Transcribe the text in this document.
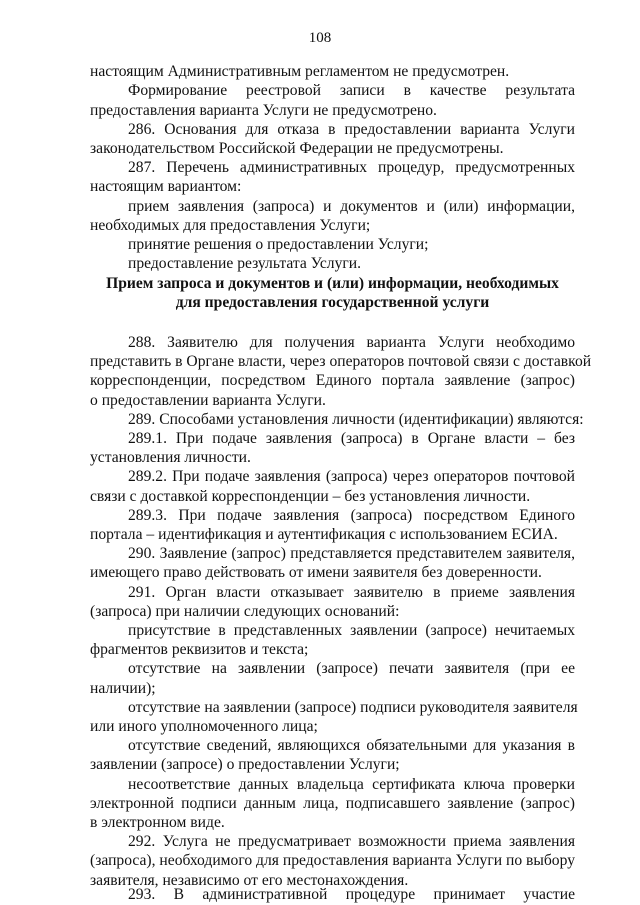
108
настоящим Административным регламентом не предусмотрен.
Формирование реестровой записи в качестве результата
предоставления варианта Услуги не предусмотрено.
286. Основания для отказа в предоставлении варианта Услуги
законодательством Российской Федерации не предусмотрены.
287. Перечень административных процедур, предусмотренных
настоящим вариантом:
прием заявления (запроса) и документов и (или) информации,
необходимых для предоставления Услуги;
принятие решения о предоставлении Услуги;
предоставление результата Услуги.
Прием запроса и документов и (или) информации, необходимых
для предоставления государственной услуги
288. Заявителю для получения варианта Услуги необходимо
представить в Органе власти, через операторов почтовой связи с доставкой
корреспонденции, посредством Единого портала заявление (запрос)
о предоставлении варианта Услуги.
289. Способами установления личности (идентификации) являются:
289.1. При подаче заявления (запроса) в Органе власти – без
установления личности.
289.2. При подаче заявления (запроса) через операторов почтовой
связи с доставкой корреспонденции – без установления личности.
289.3. При подаче заявления (запроса) посредством Единого
портала – идентификация и аутентификация с использованием ЕСИА.
290. Заявление (запрос) представляется представителем заявителя,
имеющего право действовать от имени заявителя без доверенности.
291. Орган власти отказывает заявителю в приеме заявления
(запроса) при наличии следующих оснований:
присутствие в представленных заявлении (запросе) нечитаемых
фрагментов реквизитов и текста;
отсутствие на заявлении (запросе) печати заявителя (при ее
наличии);
отсутствие на заявлении (запросе) подписи руководителя заявителя
или иного уполномоченного лица;
отсутствие сведений, являющихся обязательными для указания в
заявлении (запросе) о предоставлении Услуги;
несоответствие данных владельца сертификата ключа проверки
электронной подписи данным лица, подписавшего заявление (запрос)
в электронном виде.
292. Услуга не предусматривает возможности приема заявления
(запроса), необходимого для предоставления варианта Услуги по выбору
заявителя, независимо от его местонахождения.
293. В административной процедуре принимает участие
